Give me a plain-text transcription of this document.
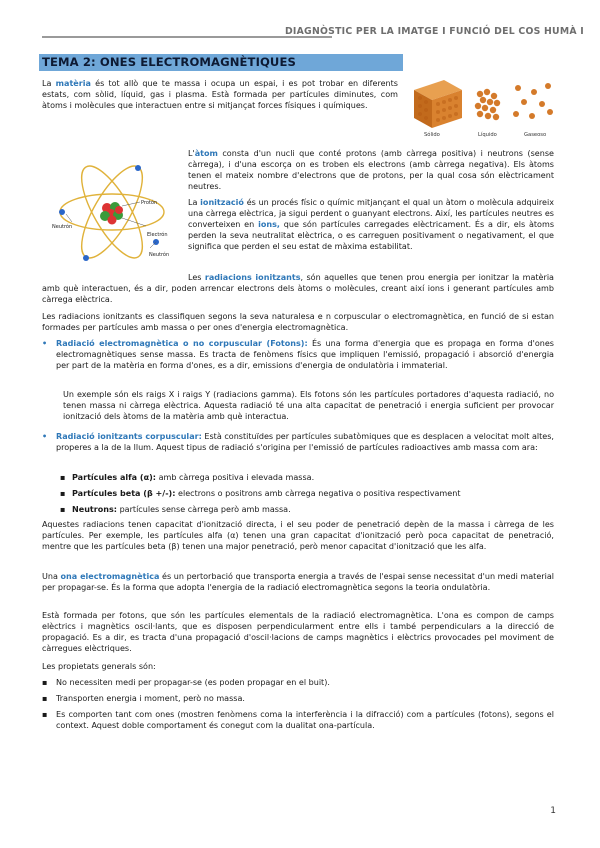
DIAGNÒSTIC PER LA IMATGE I FUNCIÓ DEL COS HUMÀ I
TEMA 2: ONES ELECTROMAGNÈTIQUES

La matèria és tot allò que te massa i ocupa un espai, i es pot trobar en diferents estats, com sòlid, líquid, gas i plasma. Està formada per partícules diminutes, com àtoms i molècules que interactuen entre si mitjançat forces físiques i químiques.

Sólido	Líquido	Gaseoso
Protón
Electrón
Neutrón
Neutrón

L'àtom consta d'un nucli que conté protons (amb càrrega positiva) i neutrons (sense càrrega), i d'una escorça on es troben els electrons (amb càrrega negativa). Els àtoms tenen el mateix nombre d'electrons que de protons, per la qual cosa són elèctricament neutres.

La ionització és un procés físic o químic mitjançant el qual un àtom o molècula adquireix una càrrega elèctrica, ja sigui perdent o guanyant electrons. Així, les partícules neutres es converteixen en ions, que són partícules carregades elèctricament. És a dir, els àtoms perden la seva neutralitat elèctrica, o es carreguen positivament o negativament, el que significa que perden el seu estat de màxima estabilitat.

Les radiacions ionitzants, són aquelles que tenen prou energia per ionitzar la matèria amb què interactuen, és a dir, poden arrencar electrons dels àtoms o molècules, creant així ions i generant partícules amb càrrega elèctrica.

Les radiacions ionitzants es classifiquen segons la seva naturalesa e n corpuscular o electromagnètica, en funció de si estan formades per partícules amb massa o per ones d'energia electromagnètica.

• Radiació electromagnètica o no corpuscular (Fotons): És una forma d'energia que es propaga en forma d'ones electromagnètiques sense massa. Es tracta de fenòmens físics que impliquen l'emissió, propagació i absorció d'energia per part de la matèria en forma d'ones, es a dir, emissions d'energia de ondulatòria i immaterial.

Un exemple són els raigs X i raigs Y (radiacions gamma). Els fotons són les partícules portadores d'aquesta radiació, no tenen massa ni càrrega elèctrica. Aquesta radiació té una alta capacitat de penetració i energia suficient per provocar ionització dels àtoms de la matèria amb què interactua.

• Radiació ionitzants corpuscular: Està constituïdes per partícules subatòmiques que es desplacen a velocitat molt altes, properes a la de la llum. Aquest tipus de radiació s'origina per l'emissió de partícules radioactives amb massa com ara:

▪ Partícules alfa (α): amb càrrega positiva i elevada massa.

▪ Partícules beta (β +/-): electrons o positrons amb càrrega negativa o positiva respectivament

▪ Neutrons: partícules sense càrrega però amb massa.

Aquestes radiacions tenen capacitat d'ionització directa, i el seu poder de penetració depèn de la massa i càrrega de les partícules. Per exemple, les partícules alfa (α) tenen una gran capacitat d'ionització però poca capacitat de penetració, mentre que les partícules beta (β) tenen una major penetració, però menor capacitat d'ionització que les alfa.

Una ona electromagnètica és un pertorbació que transporta energia a través de l'espai sense necessitat d'un medi material per propagar-se. És la forma que adopta l'energia de la radiació electromagnètica segons la teoria ondulatòria.

Està formada per fotons, que són les partícules elementals de la radiació electromagnètica. L'ona es compon de camps elèctrics i magnètics oscil·lants, que es disposen perpendicularment entre ells i també perpendiculars a la direcció de propagació. Es a dir, es tracta d'una propagació d'oscil·lacions de camps magnètics i elèctrics provocades pel moviment de càrregues elèctriques.

Les propietats generals són:

▪ No necessiten medi per propagar-se (es poden propagar en el buit).

▪ Transporten energia i moment, però no massa.

▪ Es comporten tant com ones (mostren fenòmens coma la interferència i la difracció) com a partícules (fotons), segons el context. Aquest doble comportament és conegut com la dualitat ona-partícula.

1
